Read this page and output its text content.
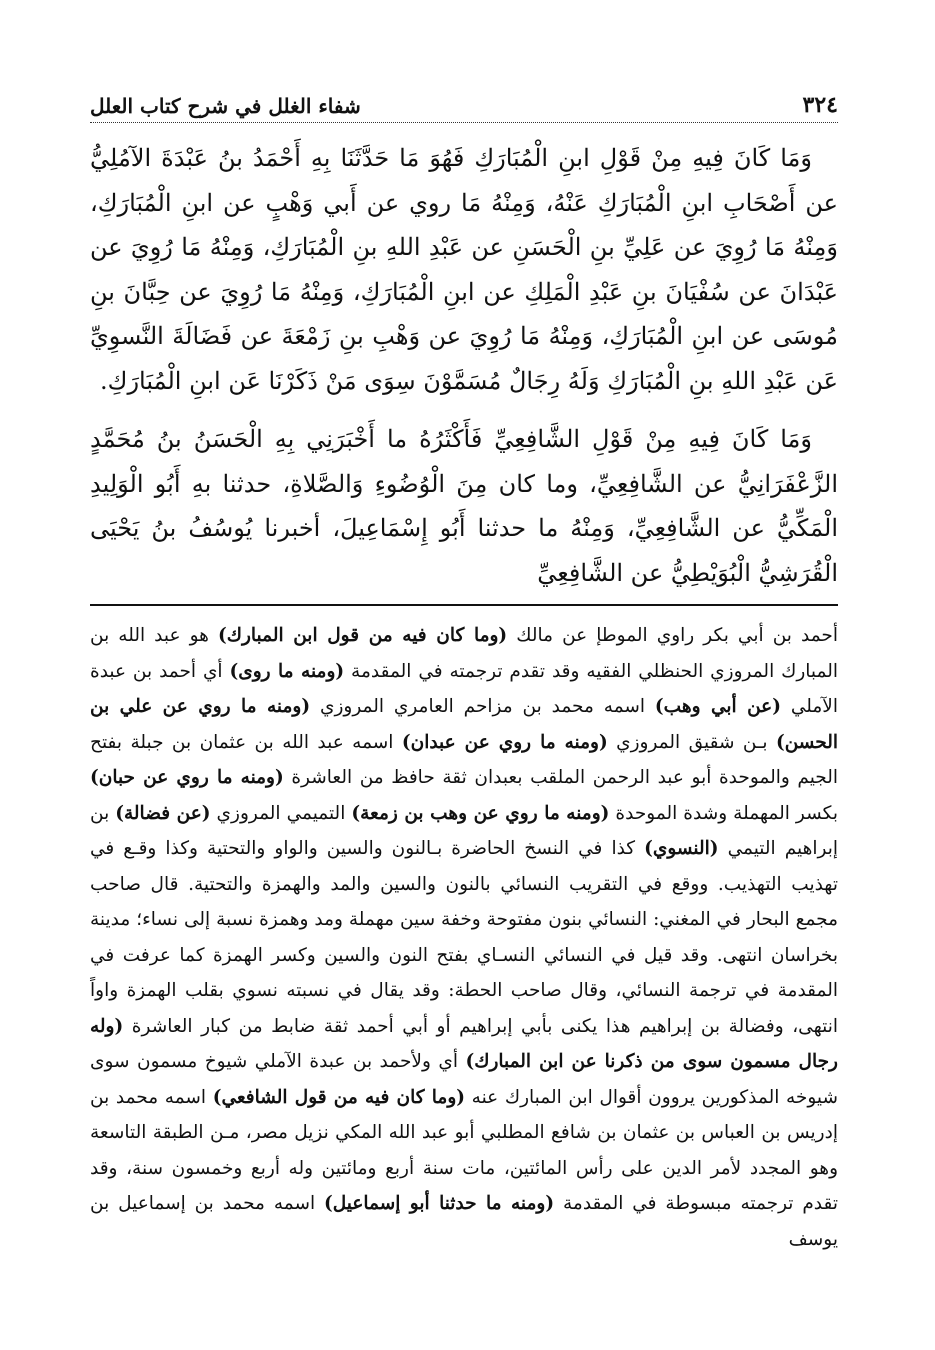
٣٢٤
شفاء الغلل في شرح كتاب العلل

وَمَا كَانَ فِيهِ مِنْ قَوْلِ ابنِ الْمُبَارَكِ فَهُوَ مَا حَدَّثَنَا بِهِ أَحْمَدُ بنُ عَبْدَةَ الآمُلِيُّ عن أَصْحَابِ ابنِ الْمُبَارَكِ عَنْهُ، وَمِنْهُ مَا روي عن أَبي وَهْبٍ عن ابنِ الْمُبَارَكِ، وَمِنْهُ مَا رُوِيَ عن عَلِيِّ بنِ الْحَسَنِ عن عَبْدِ اللهِ بنِ الْمُبَارَكِ، وَمِنْهُ مَا رُوِيَ عن عَبْدَانَ عن سُفْيَانَ بنِ عَبْدِ الْمَلِكِ عن ابنِ الْمُبَارَكِ، وَمِنْهُ مَا رُوِيَ عن حِبَّانَ بنِ مُوسَى عن ابنِ الْمُبَارَكِ، وَمِنْهُ مَا رُوِيَ عن وَهْبِ بنِ زَمْعَةَ عن فَضَالَةَ النَّسوِيِّ عَن عَبْدِ اللهِ بنِ الْمُبَارَكِ وَلَهُ رِجَالٌ مُسَمَّوْنَ سِوَى مَنْ ذَكَرْنَا عَن ابنِ الْمُبَارَكِ.

وَمَا كَانَ فِيهِ مِنْ قَوْلِ الشَّافِعِيِّ فَأَكْثَرُهُ ما أَخْبَرَنِي بِهِ الْحَسَنُ بنُ مُحَمَّدٍ الزَّعْفَرَانِيُّ عن الشَّافِعِيِّ، وما كان مِنَ الْوُضُوءِ وَالصَّلاةِ، حدثنا بهِ أَبُو الْوَلِيدِ الْمَكِّيُّ عن الشَّافِعِيِّ، وَمِنْهُ ما حدثنا أَبُو إِسْمَاعِيلَ، أخبرنا يُوسُفُ بنُ يَحْيَى الْقُرَشِيُّ الْبُوَيْطِيُّ عن الشَّافِعِيِّ

أحمد بن أبي بكر راوي الموطإ عن مالك (وما كان فيه من قول ابن المبارك) هو عبد الله بن المبارك المروزي الحنظلي الفقيه وقد تقدم ترجمته في المقدمة (ومنه ما روى) أي أحمد بن عبدة الآملي (عن أبي وهب) اسمه محمد بن مزاحم العامري المروزي (ومنه ما روي عن علي بن الحسن) بـن شقيق المروزي (ومنه ما روي عن عبدان) اسمه عبد الله بن عثمان بن جبلة بفتح الجيم والموحدة أبو عبد الرحمن الملقب بعبدان ثقة حافظ من العاشرة (ومنه ما روي عن حبان) بكسر المهملة وشدة الموحدة (ومنه ما روي عن وهب بن زمعة) التميمي المروزي (عن فضالة) بن إبراهيم التيمي (النسوي) كذا في النسخ الحاضرة بـالنون والسين والواو والتحتية وكذا وقـع في تهذيب التهذيب. ووقع في التقريب النسائي بالنون والسين والمد والهمزة والتحتية. قال صاحب مجمع البحار في المغني: النسائي بنون مفتوحة وخفة سين مهملة ومد وهمزة نسبة إلى نساء؛ مدينة بخراسان انتهى. وقد قيل في النسائي النسـاي بفتح النون والسين وكسر الهمزة كما عرفت في المقدمة في ترجمة النسائي، وقال صاحب الحطة: وقد يقال في نسبته نسوي بقلب الهمزة واواً انتهى، وفضالة بن إبراهيم هذا يكنى بأبي إبراهيم أو أبي أحمد ثقة ضابط من كبار العاشرة (وله رجال مسمون سوى من ذكرنا عن ابن المبارك) أي ولأحمد بن عبدة الآملي شيوخ مسمون سوى شيوخه المذكورين يروون أقوال ابن المبارك عنه (وما كان فيه من قول الشافعي) اسمه محمد بن إدريس بن العباس بن عثمان بن شافع المطلبي أبو عبد الله المكي نزيل مصر، مـن الطبقة التاسعة وهو المجدد لأمر الدين على رأس المائتين، مات سنة أربع ومائتين وله أربع وخمسون سنة، وقد تقدم ترجمته مبسوطة في المقدمة (ومنه ما حدثنا أبو إسماعيل) اسمه محمد بن إسماعيل بن يوسف
